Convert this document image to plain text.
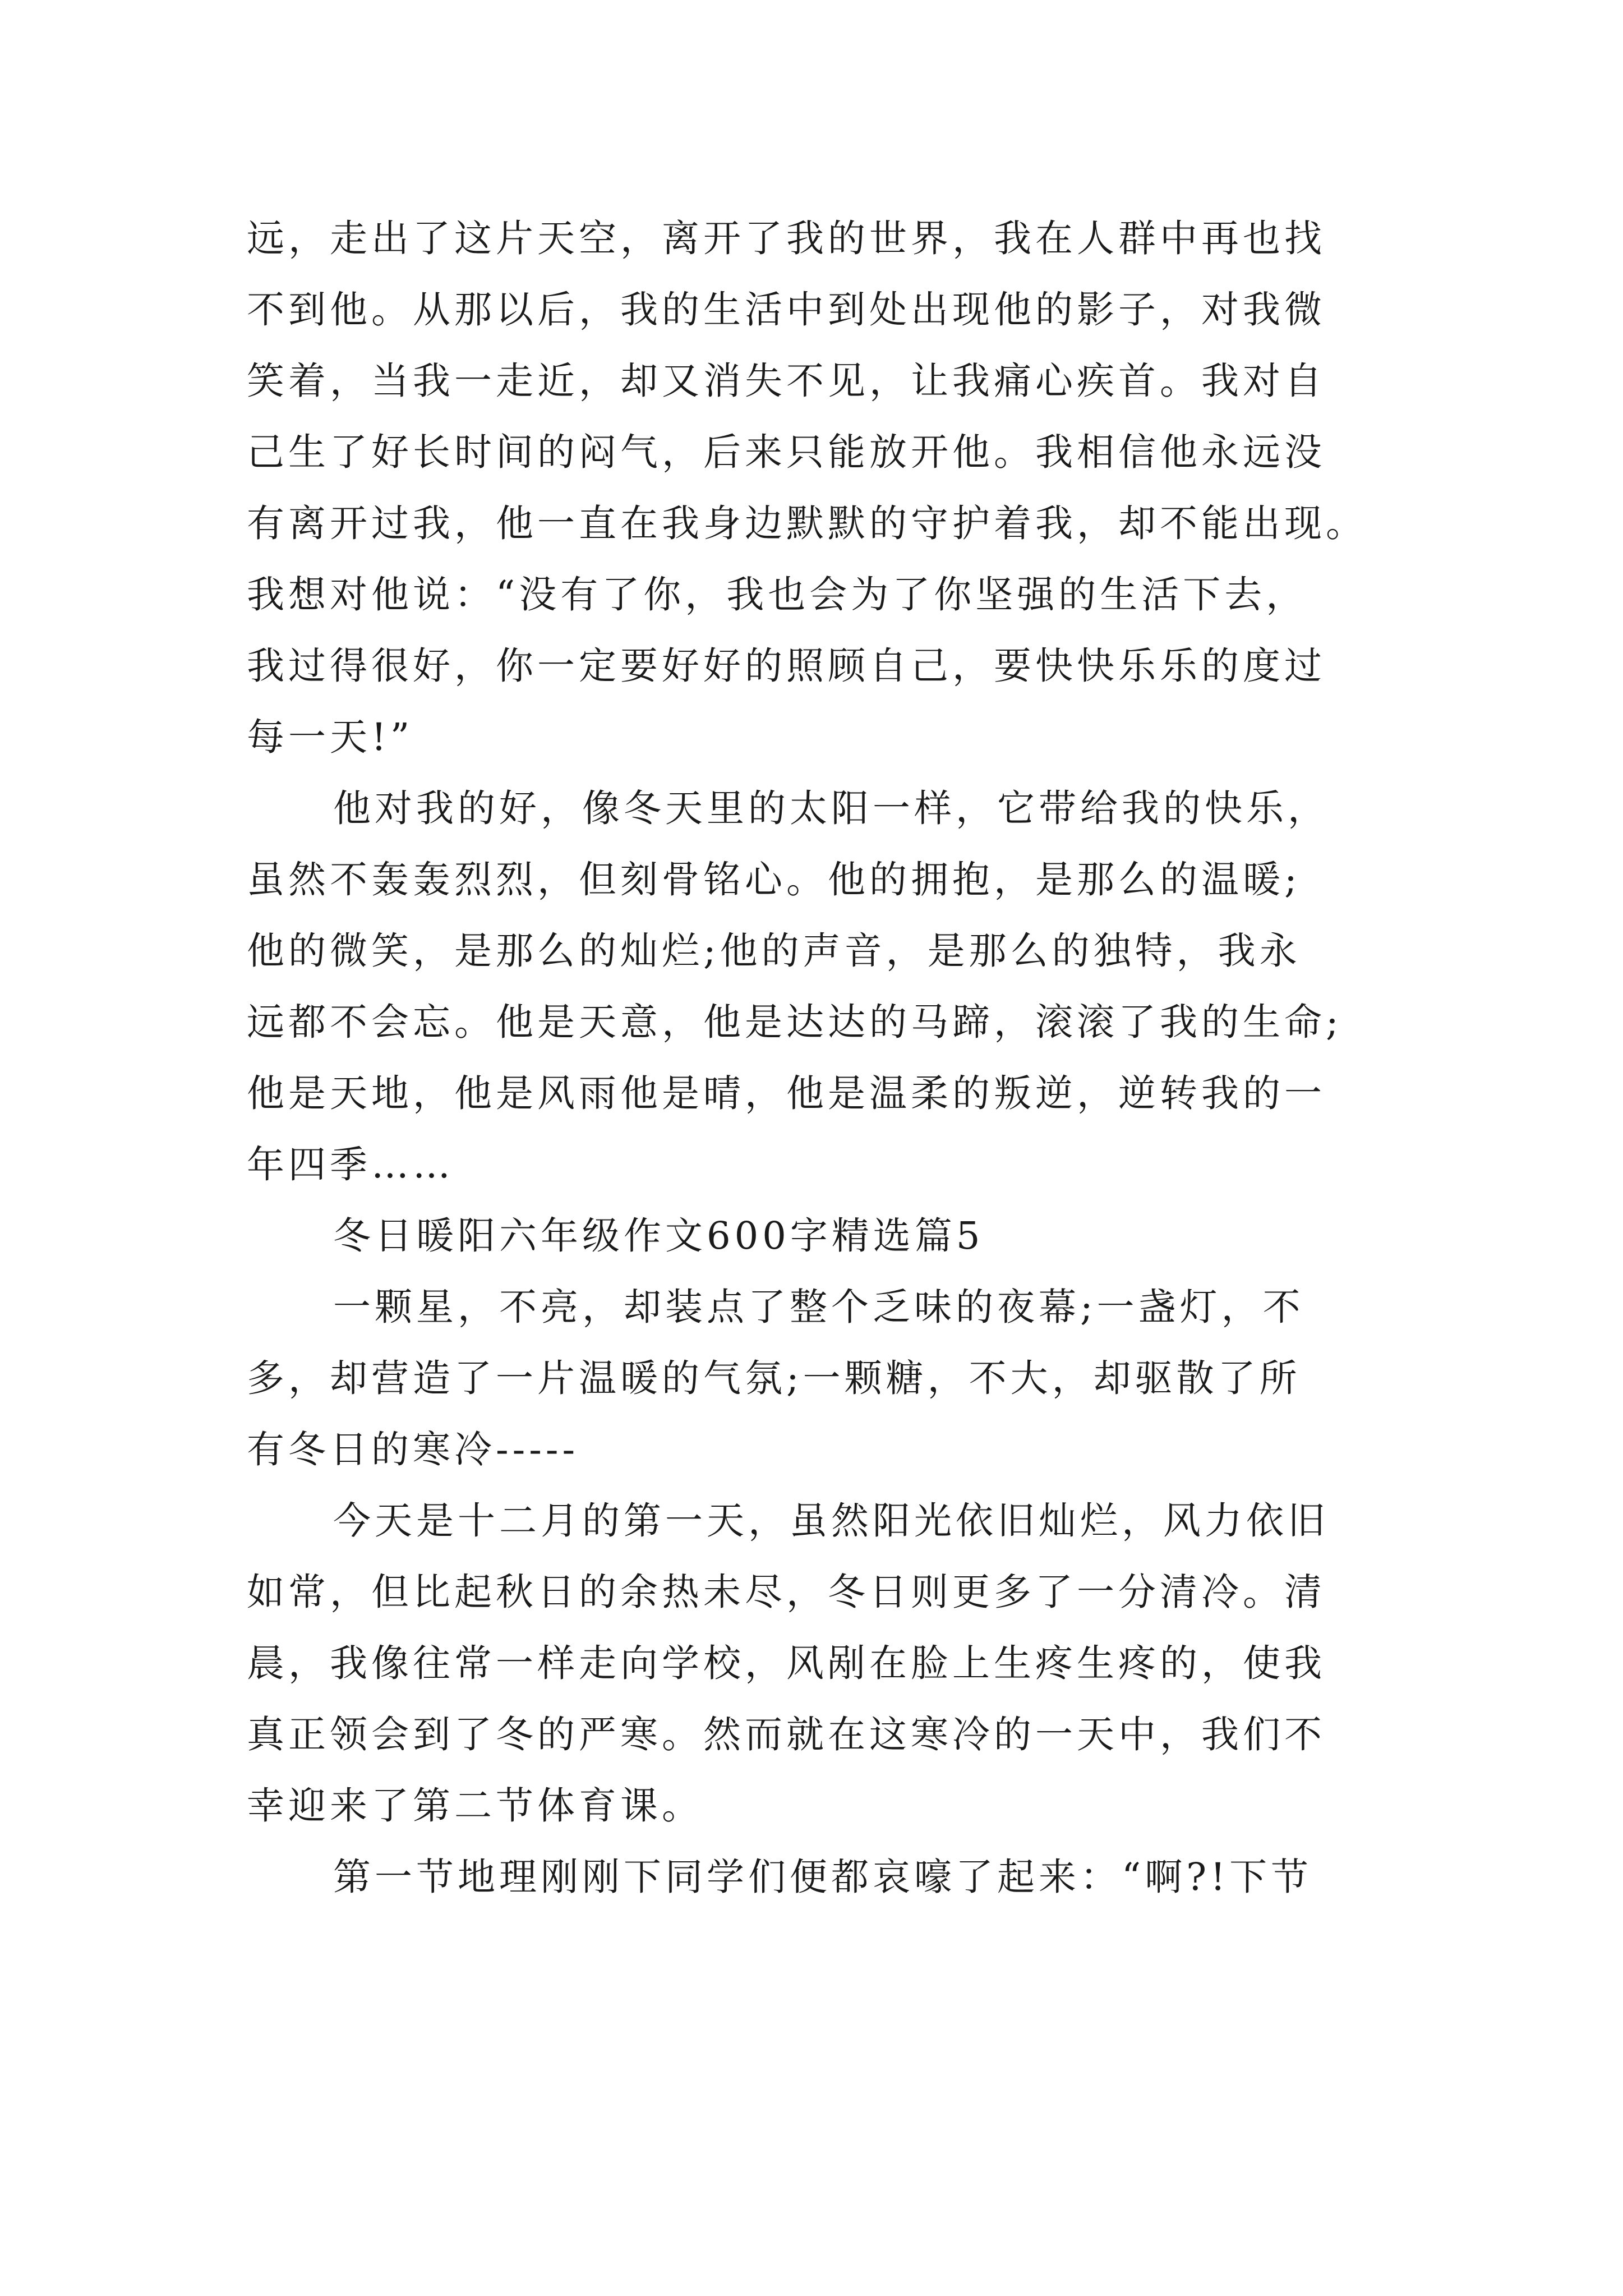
远，走出了这片天空，离开了我的世界，我在人群中再也找
不到他。从那以后，我的生活中到处出现他的影子，对我微
笑着，当我一走近，却又消失不见，让我痛心疾首。我对自
己生了好长时间的闷气，后来只能放开他。我相信他永远没
有离开过我，他一直在我身边默默的守护着我，却不能出现。
我想对他说：“没有了你，我也会为了你坚强的生活下去，
我过得很好，你一定要好好的照顾自己，要快快乐乐的度过
每一天!”
他对我的好，像冬天里的太阳一样，它带给我的快乐，
虽然不轰轰烈烈，但刻骨铭心。他的拥抱，是那么的温暖;
他的微笑，是那么的灿烂;他的声音，是那么的独特，我永
远都不会忘。他是天意，他是达达的马蹄，滚滚了我的生命;
他是天地，他是风雨他是晴，他是温柔的叛逆，逆转我的一
年四季……
冬日暖阳六年级作文600字精选篇5
一颗星，不亮，却装点了整个乏味的夜幕;一盏灯，不
多，却营造了一片温暖的气氛;一颗糖，不大，却驱散了所
有冬日的寒冷-----
今天是十二月的第一天，虽然阳光依旧灿烂，风力依旧
如常，但比起秋日的余热未尽，冬日则更多了一分清冷。清
晨，我像往常一样走向学校，风剐在脸上生疼生疼的，使我
真正领会到了冬的严寒。然而就在这寒冷的一天中，我们不
幸迎来了第二节体育课。
第一节地理刚刚下同学们便都哀嚎了起来：“啊?!下节
